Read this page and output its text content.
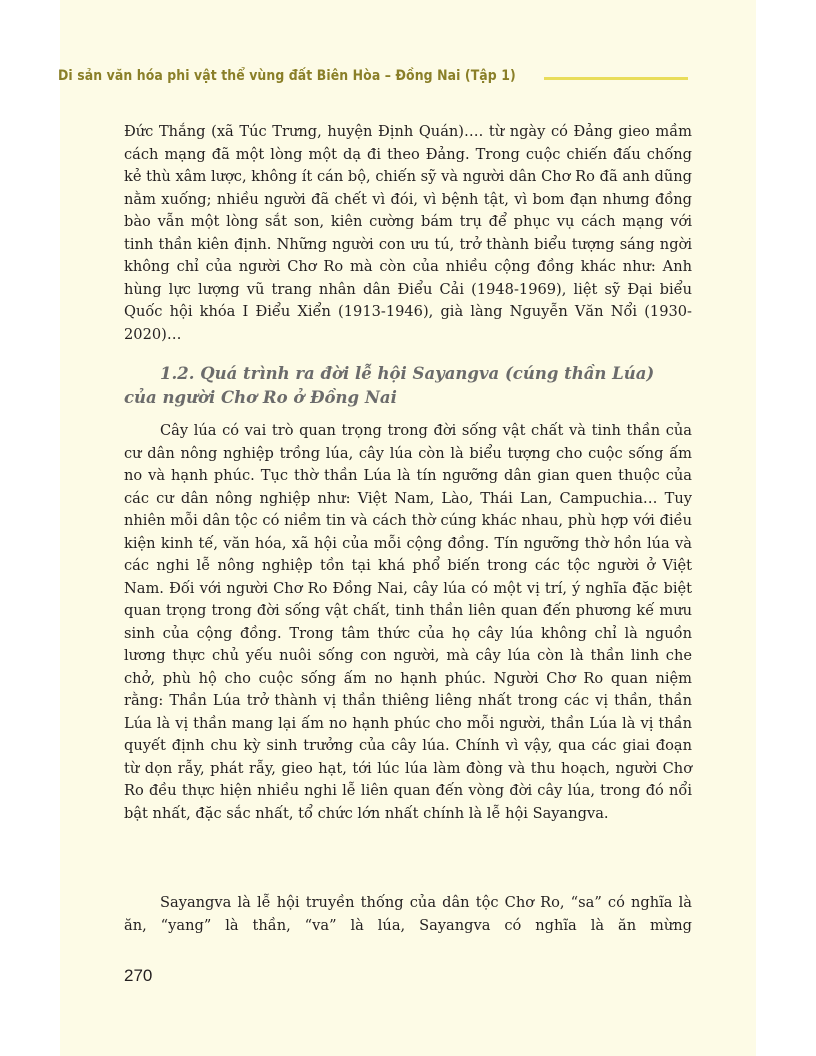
Di sản văn hóa phi vật thể vùng đất Biên Hòa – Đồng Nai (Tập 1)

Đức Thắng (xã Túc Trưng, huyện Định Quán)…. từ ngày có Đảng gieo mầm cách mạng đã một lòng một dạ đi theo Đảng. Trong cuộc chiến đấu chống kẻ thù xâm lược, không ít cán bộ, chiến sỹ và người dân Chơ Ro đã anh dũng nằm xuống; nhiều người đã chết vì đói, vì bệnh tật, vì bom đạn nhưng đồng bào vẫn một lòng sắt son, kiên cường bám trụ để phục vụ cách mạng với tinh thần kiên định. Những người con ưu tú, trở thành biểu tượng sáng ngời không chỉ của người Chơ Ro mà còn của nhiều cộng đồng khác như: Anh hùng lực lượng vũ trang nhân dân Điểu Cải (1948-1969), liệt sỹ Đại biểu Quốc hội khóa I Điểu Xiển (1913-1946), già làng Nguyễn Văn Nổi (1930-2020)…

1.2. Quá trình ra đời lễ hội Sayangva (cúng thần Lúa) của người Chơ Ro ở Đồng Nai

Cây lúa có vai trò quan trọng trong đời sống vật chất và tinh thần của cư dân nông nghiệp trồng lúa, cây lúa còn là biểu tượng cho cuộc sống ấm no và hạnh phúc. Tục thờ thần Lúa là tín ngưỡng dân gian quen thuộc của các cư dân nông nghiệp như: Việt Nam, Lào, Thái Lan, Campuchia… Tuy nhiên mỗi dân tộc có niềm tin và cách thờ cúng khác nhau, phù hợp với điều kiện kinh tế, văn hóa, xã hội của mỗi cộng đồng. Tín ngưỡng thờ hồn lúa và các nghi lễ nông nghiệp tồn tại khá phổ biến trong các tộc người ở Việt Nam. Đối với người Chơ Ro Đồng Nai, cây lúa có một vị trí, ý nghĩa đặc biệt quan trọng trong đời sống vật chất, tinh thần liên quan đến phương kế mưu sinh của cộng đồng. Trong tâm thức của họ cây lúa không chỉ là nguồn lương thực chủ yếu nuôi sống con người, mà cây lúa còn là thần linh che chở, phù hộ cho cuộc sống ấm no hạnh phúc. Người Chơ Ro quan niệm rằng: Thần Lúa trở thành vị thần thiêng liêng nhất trong các vị thần, thần Lúa là vị thần mang lại ấm no hạnh phúc cho mỗi người, thần Lúa là vị thần quyết định chu kỳ sinh trưởng của cây lúa. Chính vì vậy, qua các giai đoạn từ dọn rẫy, phát rẫy, gieo hạt, tới lúc lúa làm đòng và thu hoạch, người Chơ Ro đều thực hiện nhiều nghi lễ liên quan đến vòng đời cây lúa, trong đó nổi bật nhất, đặc sắc nhất, tổ chức lớn nhất chính là lễ hội Sayangva.

Sayangva là lễ hội truyền thống của dân tộc Chơ Ro, “sa” có nghĩa là ăn, “yang” là thần, “va” là lúa, Sayangva có nghĩa là ăn mừng

270
